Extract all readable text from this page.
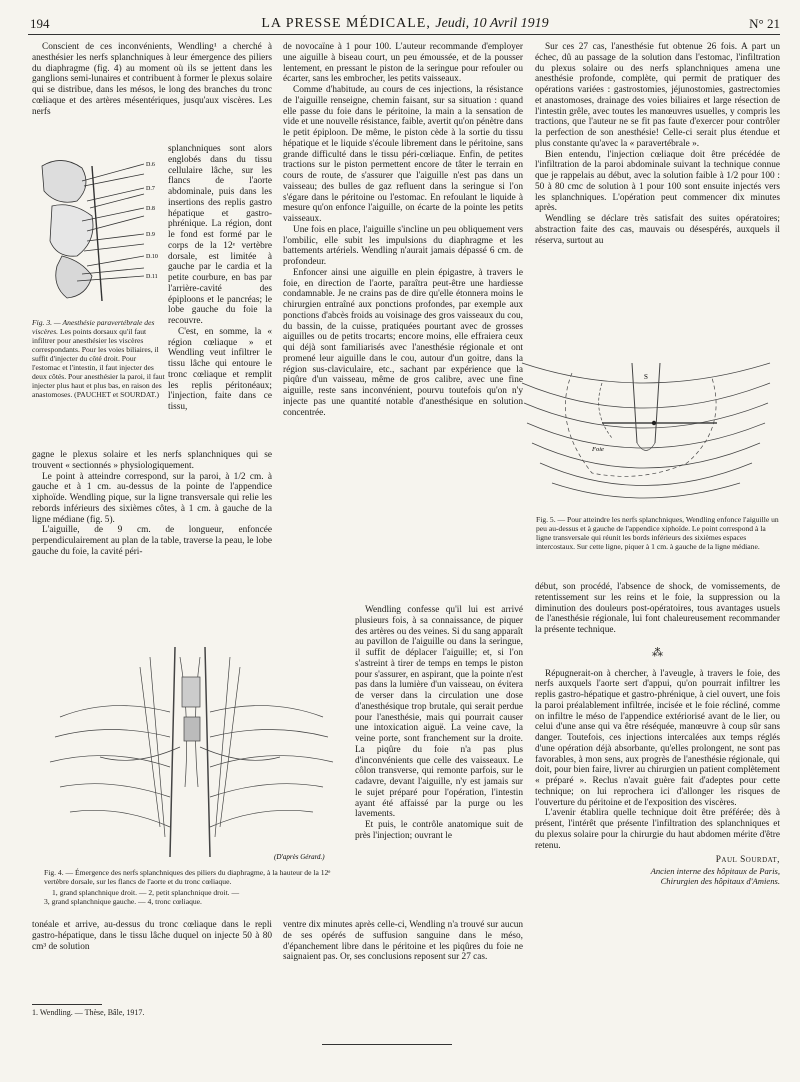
194	LA PRESSE MÉDICALE, Jeudi, 10 Avril 1919	N° 21

Conscient de ces inconvénients, Wendling¹ a cherché à anesthésier les nerfs splanchniques à leur émergence des piliers du diaphragme (fig. 4) au moment où ils se jettent dans les ganglions semi-lunaires et contribuent à former le plexus solaire qui se distribue, dans les mésos, le long des branches du tronc cœliaque et des artères mésentériques, jusqu'aux viscères. Les nerfs

D.6
D.7
D.8
D.9
D.10
D.11
Fig. 3. — Anesthésie paravertébrale des viscères. Les points dorsaux qu'il faut infiltrer pour anesthésier les viscères correspondants. Pour les voies biliaires, il suffit d'injecter du côté droit. Pour l'estomac et l'intestin, il faut injecter des deux côtés. Pour anesthésier la paroi, il faut injecter plus haut et plus bas, en raison des anastomoses. (PAUCHET et SOURDAT.)

splanchniques sont alors englobés dans du tissu cellulaire lâche, sur les flancs de l'aorte abdominale, puis dans les insertions des replis gastro hépatique et gastro-phrénique. La région, dont le fond est formé par le corps de la 12ᵉ vertèbre dorsale, est limitée à gauche par le cardia et la petite courbure, en bas par l'arrière-cavité des épiploons et le pancréas; le lobe gauche du foie la recouvre.

C'est, en somme, la « région cœliaque » et Wendling veut infiltrer le tissu lâche qui entoure le tronc cœliaque et remplit les replis péritonéaux; l'injection, faite dans ce tissu,

gagne le plexus solaire et les nerfs splanchniques qui se trouvent « sectionnés » physiologiquement.

Le point à atteindre correspond, sur la paroi, à 1/2 cm. à gauche et à 1 cm. au-dessus de la pointe de l'appendice xiphoïde. Wendling pique, sur la ligne transversale qui relie les rebords inférieurs des sixièmes côtes, à 1 cm. à gauche de la ligne médiane (fig. 5).

L'aiguille, de 9 cm. de longueur, enfoncée perpendiculairement au plan de la table, traverse la peau, le lobe gauche du foie, la cavité péri-

de novocaïne à 1 pour 100. L'auteur recommande d'employer une aiguille à biseau court, un peu émoussée, et de la pousser lentement, en pressant le piston de la seringue pour refouler ou écarter, sans les embrocher, les petits vaisseaux.

Comme d'habitude, au cours de ces injections, la résistance de l'aiguille renseigne, chemin faisant, sur sa situation : quand elle passe du foie dans le péritoine, la main a la sensation de vide et une nouvelle résistance, faible, avertit qu'on pénètre dans le petit épiploon. De même, le piston cède à la sortie du tissu hépatique et le liquide s'écoule librement dans le péritoine, sans grande difficulté dans le tissu péri-cœliaque. Enfin, de petites tractions sur le piston permettent encore de tâter le terrain en cours de route, de s'assurer que l'aiguille n'est pas dans un vaisseau; des bulles de gaz refluent dans la seringue si l'on s'égare dans le péritoine ou l'estomac. En refoulant le liquide à mesure qu'on enfonce l'aiguille, on écarte de la pointe les petits vaisseaux.

Une fois en place, l'aiguille s'incline un peu obliquement vers l'ombilic, elle subit les impulsions du diaphragme et les battements artériels. Wendling n'aurait jamais dépassé 6 cm. de profondeur.

Enfoncer ainsi une aiguille en plein épigastre, à travers le foie, en direction de l'aorte, paraîtra peut-être une hardiesse condamnable. Je ne crains pas de dire qu'elle étonnera moins le chirurgien entraîné aux ponctions profondes, par exemple aux ponctions d'abcès froids au voisinage des gros vaisseaux du cou, du bassin, de la cuisse, pratiquées pourtant avec de grosses aiguilles ou de petits trocarts; encore moins, elle effraiera ceux qui déjà sont familiarisés avec l'anesthésie régionale et ont promené leur aiguille dans le cou, autour d'un goitre, dans la région sus-claviculaire, etc., sachant par expérience que la piqûre d'un vaisseau, même de gros calibre, avec une fine aiguille, reste sans inconvénient, pourvu toutefois qu'on n'y injecte pas une quantité notable d'anesthésique en solution concentrée.

Wendling confesse qu'il lui est arrivé plusieurs fois, à sa connaissance, de piquer des artères ou des veines. Si du sang apparaît au pavillon de l'aiguille ou dans la seringue, il suffit de déplacer l'aiguille; et, si l'on s'astreint à tirer de temps en temps le piston pour s'assurer, en aspirant, que la pointe n'est pas dans la lumière d'un vaisseau, on évitera de verser dans la circulation une dose d'anesthésique trop brutale, qui serait perdue pour l'anesthésie, mais qui pourrait causer une intoxication aiguë. La veine cave, la veine porte, sont franchement sur la droite. La piqûre du foie n'a pas plus d'inconvénients que celle des vaisseaux. Le côlon transverse, qui remonte parfois, sur le cadavre, devant l'aiguille, n'y est jamais sur le sujet préparé pour l'opération, l'intestin ayant été affaissé par la purge ou les lavements.

Et puis, le contrôle anatomique suit de près l'injection; ouvrant le

(D'après Gérard.)
Fig. 4. — Émergence des nerfs splanchniques des piliers du diaphragme, à la hauteur de la 12ᵉ vertèbre dorsale, sur les flancs de l'aorte et du tronc cœliaque.
1, grand splanchnique droit. — 2, petit splanchnique droit. —
3, grand splanchnique gauche. — 4, tronc cœliaque.

tonéale et arrive, au-dessus du tronc cœliaque dans le repli gastro-hépatique, dans le tissu lâche duquel on injecte 50 à 80 cm³ de solution

ventre dix minutes après celle-ci, Wendling n'a trouvé sur aucun de ses opérés de suffusion sanguine dans le méso, d'épanchement libre dans le péritoine et les piqûres du foie ne saignaient pas. Or, ses conclusions reposent sur 27 cas.

Sur ces 27 cas, l'anesthésie fut obtenue 26 fois. A part un échec, dû au passage de la solution dans l'estomac, l'infiltration du plexus solaire ou des nerfs splanchniques amena une anesthésie profonde, complète, qui permit de pratiquer des opérations variées : gastrostomies, jéjunostomies, gastrectomies et anastomoses, drainage des voies biliaires et large résection de l'intestin grêle, avec toutes les manœuvres usuelles, y compris les tractions, que l'auteur ne se fit pas faute d'exercer pour contrôler la perfection de son anesthésie! Celle-ci serait plus étendue et plus constante qu'avec la « paravertébrale ».

Bien entendu, l'injection cœliaque doit être précédée de l'infiltration de la paroi abdominale suivant la technique connue que je rappelais au début, avec la solution faible à 1/2 pour 100 : 50 à 80 cmc de solution à 1 pour 100 sont ensuite injectés vers les splanchniques. L'opération peut commencer dix minutes après.

Wendling se déclare très satisfait des suites opératoires; abstraction faite des cas, mauvais ou désespérés, auxquels il réserva, surtout au

S
Foie
Fig. 5. — Pour atteindre les nerfs splanchniques, Wendling enfonce l'aiguille un peu au-dessus et à gauche de l'appendice xiphoïde. Le point correspond à la ligne transversale qui réunit les bords inférieurs des sixièmes espaces intercostaux. Sur cette ligne, piquer à 1 cm. à gauche de la ligne médiane.

début, son procédé, l'absence de shock, de vomissements, de retentissement sur les reins et le foie, la suppression ou la diminution des douleurs post-opératoires, tous avantages usuels de l'anesthésie régionale, lui font chaleureusement recommander la présente technique.

⁂

Répugnerait-on à chercher, à l'aveugle, à travers le foie, des nerfs auxquels l'aorte sert d'appui, qu'on pourrait infiltrer les replis gastro-hépatique et gastro-phrénique, à ciel ouvert, une fois la paroi préalablement infiltrée, incisée et le foie récliné, comme on infiltre le méso de l'appendice extériorisé avant de le lier, ou celui d'une anse qui va être réséquée, manœuvre à coup sûr sans danger. Toutefois, ces injections intercalées aux temps réglés d'une opération déjà absorbante, qu'elles prolongent, ne sont pas favorables, à mon sens, aux progrès de l'anesthésie régionale, qui doit, pour bien faire, livrer au chirurgien un patient complètement « préparé ». Reclus n'avait guère fait d'adeptes pour cette technique; on lui reprochera ici d'allonger les risques de l'ouverture du péritoine et de l'exposition des viscères.

L'avenir établira quelle technique doit être préférée; dès à présent, l'intérêt que présente l'infiltration des splanchniques et du plexus solaire pour la chirurgie du haut abdomen mérite d'être retenu.

Paul Sourdat,
Ancien interne des hôpitaux de Paris,
Chirurgien des hôpitaux d'Amiens.
1. Wendling. — Thèse, Bâle, 1917.
